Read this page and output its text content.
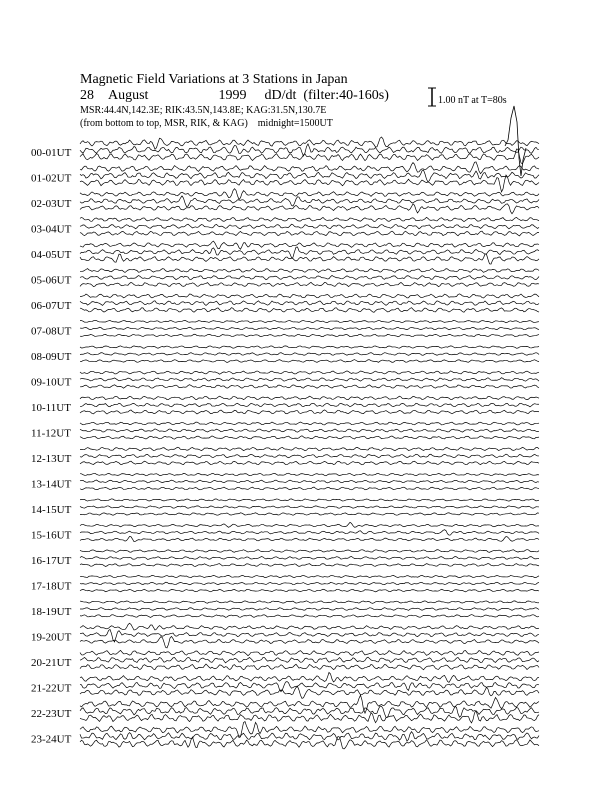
Magnetic Field Variations at 3 Stations in Japan
28 August	1999 dD/dt (filter:40-160s)
MSR:44.4N,142.3E; RIK:43.5N,143.8E; KAG:31.5N,130.7E
(from bottom to top, MSR, RIK, & KAG) midnight=1500UT
1.00 nT at T=80s
00-01UT
01-02UT
02-03UT
03-04UT
04-05UT
05-06UT
06-07UT
07-08UT
08-09UT
09-10UT
10-11UT
11-12UT
12-13UT
13-14UT
14-15UT
15-16UT
16-17UT
17-18UT
18-19UT
19-20UT
20-21UT
21-22UT
22-23UT
23-24UT
